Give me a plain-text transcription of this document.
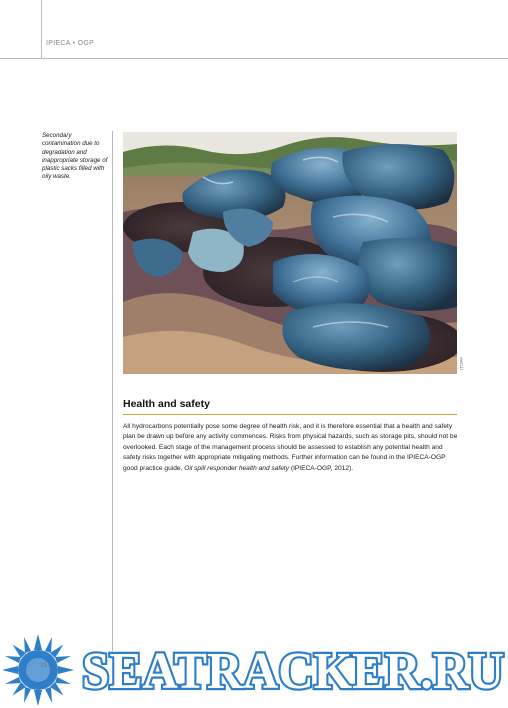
IPIECA • OGP
Secondary contamination due to degradation and inappropriate storage of plastic sacks filled with oily waste.
ITOPF
Health and safety

All hydrocarbons potentially pose some degree of health risk, and it is therefore essential that a health and safety plan be drawn up before any activity commences. Risks from physical hazards, such as storage pits, should not be overlooked. Each stage of the management process should be assessed to establish any potential health and safety risks together with appropriate mitigating methods. Further information can be found in the IPIECA-OGP good practice guide, Oil spill responder health and safety (IPIECA-OGP, 2012).

16 SEATRACKER.RU
